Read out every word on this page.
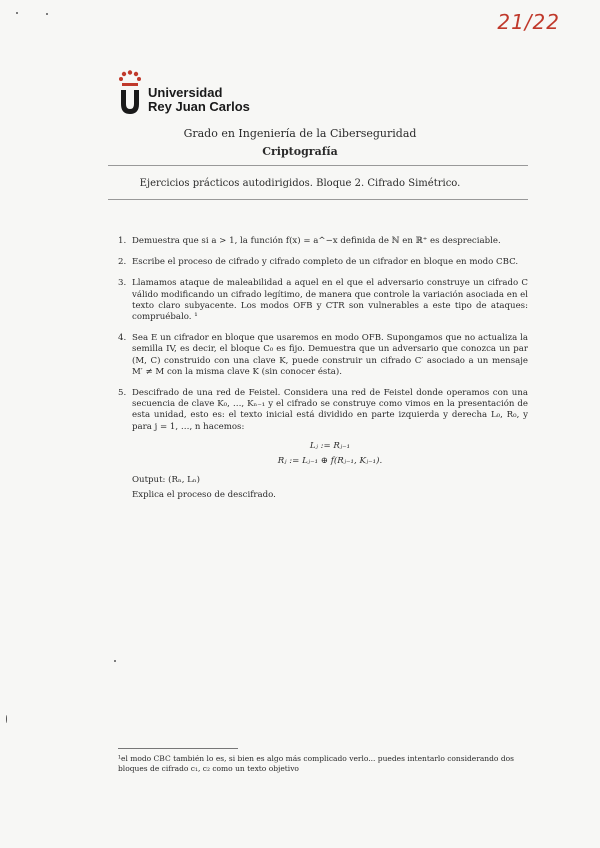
21/22
Universidad
Rey Juan Carlos
Grado en Ingeniería de la Ciberseguridad
Criptografía
Ejercicios prácticos autodirigidos. Bloque 2. Cifrado Simétrico.
1. Demuestra que si a > 1, la función f(x) = a^−x definida de ℕ en ℝ⁺ es despreciable.
2. Escribe el proceso de cifrado y cifrado completo de un cifrador en bloque en modo CBC.
3. Llamamos ataque de maleabilidad a aquel en el que el adversario construye un cifrado C válido modificando un cifrado legítimo, de manera que controle la variación asociada en el texto claro subyacente. Los modos OFB y CTR son vulnerables a este tipo de ataques: compruébalo. ¹
4. Sea E un cifrador en bloque que usaremos en modo OFB. Supongamos que no actualiza la semilla IV, es decir, el bloque C₀ es fijo. Demuestra que un adversario que conozca un par (M, C) construido con una clave K, puede construir un cifrado C′ asociado a un mensaje M′ ≠ M con la misma clave K (sin conocer ésta).
5. Descifrado de una red de Feistel. Considera una red de Feistel donde operamos con una secuencia de clave K₀, …, Kₙ₋₁ y el cifrado se construye como vimos en la presentación de esta unidad, esto es: el texto inicial está dividido en parte izquierda y derecha L₀, R₀, y para j = 1, …, n hacemos:
Lⱼ := Rⱼ₋₁
Rⱼ := Lⱼ₋₁ ⊕ f(Rⱼ₋₁, Kⱼ₋₁).
Output: (Rₙ, Lₙ)
Explica el proceso de descifrado.
¹el modo CBC también lo es, si bien es algo más complicado verlo... puedes intentarlo considerando dos bloques de cifrado c₁, c₂ como un texto objetivo
